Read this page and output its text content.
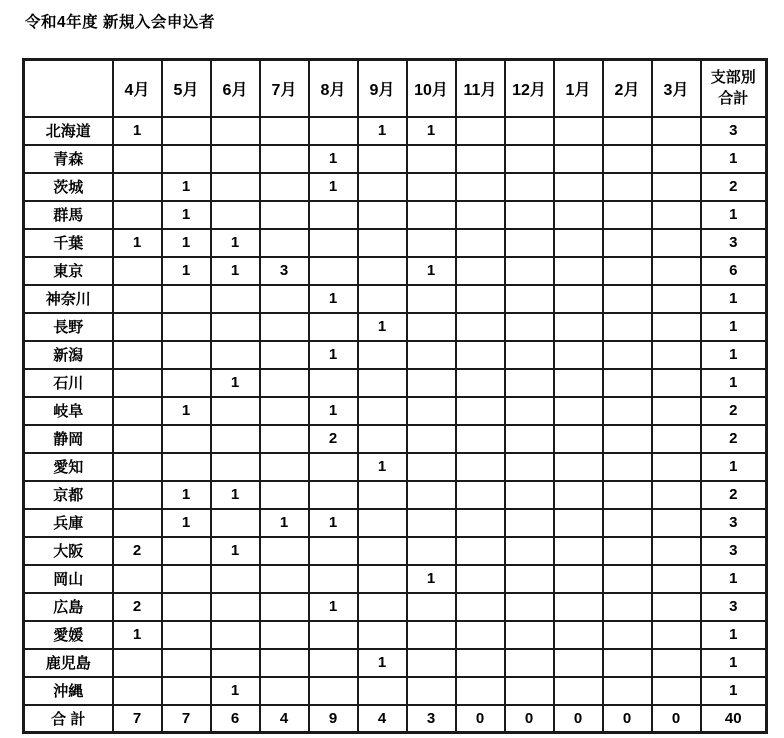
令和4年度 新規入会申込者
	4月	5月	6月	7月	8月	9月	10月	11月	12月	1月	2月	3月	支部別
合計

北海道	1					1	1						3
青森					1								1
茨城		1			1								2
群馬		1											1
千葉	1	1	1										3
東京		1	1	3			1						6
神奈川					1								1
長野						1							1
新潟					1								1
石川			1										1
岐阜		1			1								2
静岡					2								2
愛知						1							1
京都		1	1										2
兵庫		1		1	1								3
大阪	2		1										3
岡山							1						1
広島	2				1								3
愛媛	1												1
鹿児島						1							1
沖縄			1										1
合 計	7	7	6	4	9	4	3	0	0	0	0	0	40
